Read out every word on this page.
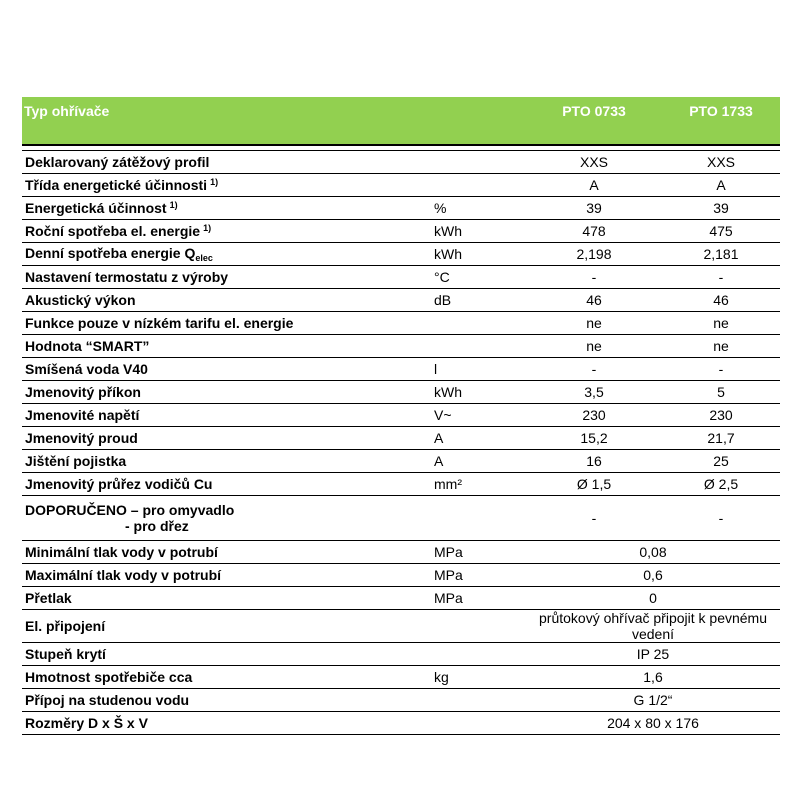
Typ ohřívače		PTO 0733	PTO 1733

Deklarovaný zátěžový profil		XXS	XXS
Třída energetické účinnosti $^{1)}$		A	A
Energetická účinnost $^{1)}$	%	39	39
Roční spotřeba el. energie $^{1)}$	kWh	478	475
Denní spotřeba energie $Q_{elec}$	kWh	2,198	2,181
Nastavení termostatu z výroby	°C	-	-
Akustický výkon	dB	46	46
Funkce pouze v nízkém tarifu el. energie		ne	ne
Hodnota “SMART”		ne	ne
Smíšená voda V40	l	-	-
Jmenovitý příkon	kWh	3,5	5
Jmenovité napětí	V~	230	230
Jmenovitý proud	A	15,2	21,7
Jištění pojistka	A	16	25
Jmenovitý průřez vodičů Cu	mm²	Ø 1,5	Ø 2,5

DOPORUČENO – pro omyvadlo
- pro dřez		-	-
Minimální tlak vody v potrubí	MPa	0,08	
Maximální tlak vody v potrubí	MPa	0,6	
Přetlak	MPa	0	
El. připojení		průtokový ohřívač připojit k pevnému vedení	
Stupeň krytí		IP 25	
Hmotnost spotřebiče cca	kg	1,6	
Přípoj na studenou vodu		G 1/2“	
Rozměry D x Š x V		204 x 80 x 176	
